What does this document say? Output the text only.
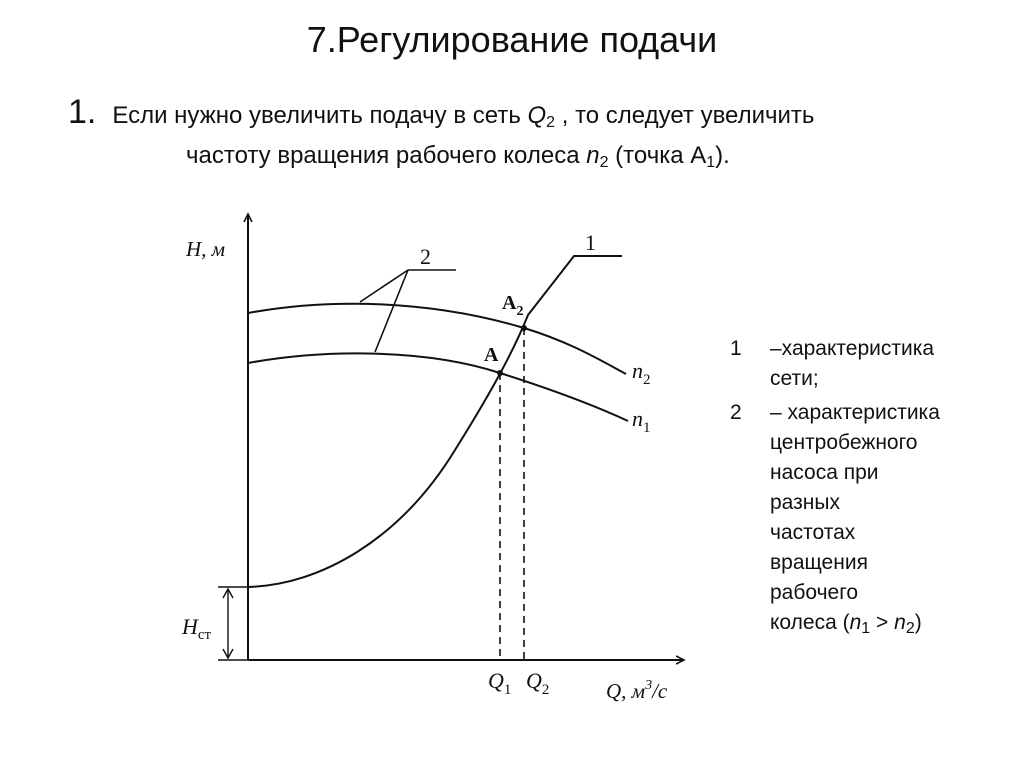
7.Регулирование подачи
1. Если нужно увеличить подачу в сеть $Q_2$ , то следует увеличить
частоту вращения рабочего колеса $n_2$ (точка $А_1$).
H, м
Q, $м^3/с$
$H_{ст}$
1
2
A
$A_2$
$n_2$
$n_1$
$Q_1$ $Q_2$
1	–характеристика
сети;
2	– характеристика
центробежного
насоса при
разных
частотах
вращения
рабочего
колеса $(n_1 > n_2)$
